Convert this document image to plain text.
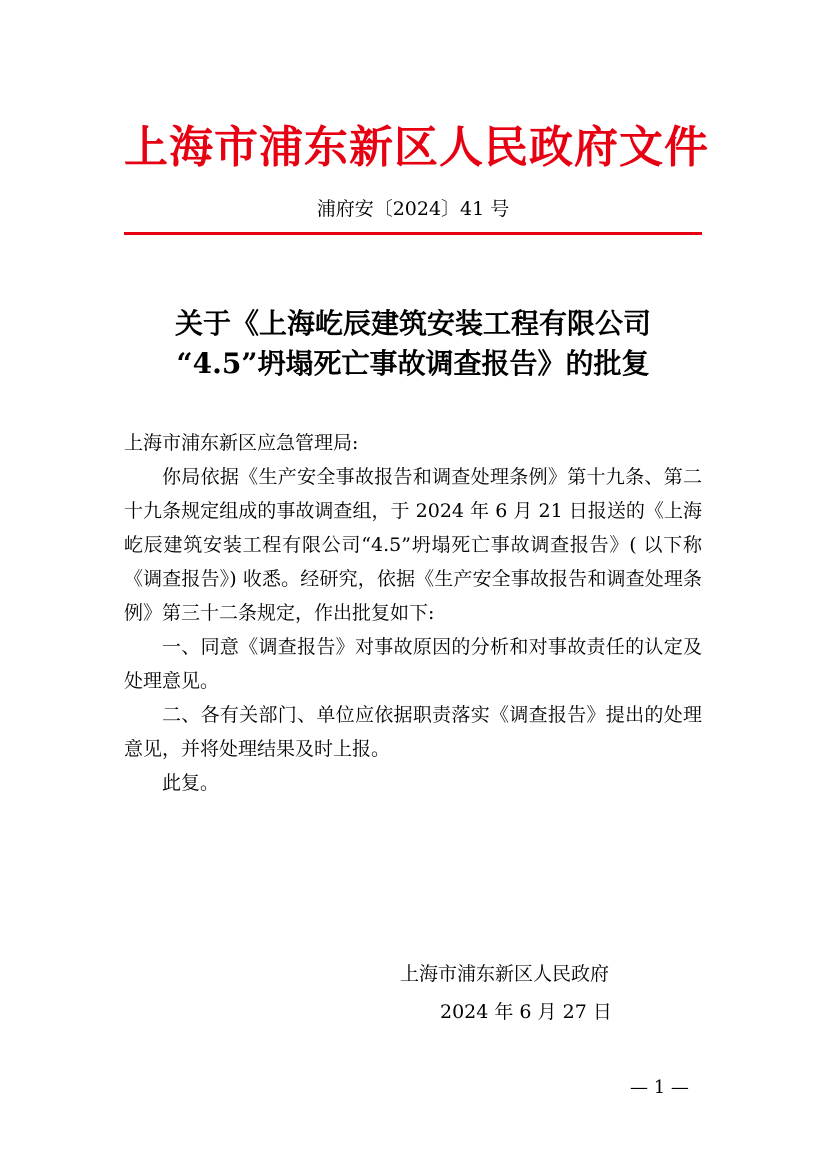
上海市浦东新区人民政府文件
浦府安〔2024〕41 号
关于《上海屹辰建筑安装工程有限公司
“4.5”坍塌死亡事故调查报告》的批复

上海市浦东新区应急管理局:

你局依据《生产安全事故报告和调查处理条例》第十九条、第二十九条规定组成的事故调查组，于 2024 年 6 月 21 日报送的《上海屹辰建筑安装工程有限公司“4.5”坍塌死亡事故调查报告》( 以下称《调查报告》) 收悉。经研究，依据《生产安全事故报告和调查处理条例》第三十二条规定，作出批复如下:

一、同意《调查报告》对事故原因的分析和对事故责任的认定及处理意见。

二、各有关部门、单位应依据职责落实《调查报告》提出的处理意见，并将处理结果及时上报。

此复。

上海市浦东新区人民政府
2024 年 6 月 27 日
— 1 —
